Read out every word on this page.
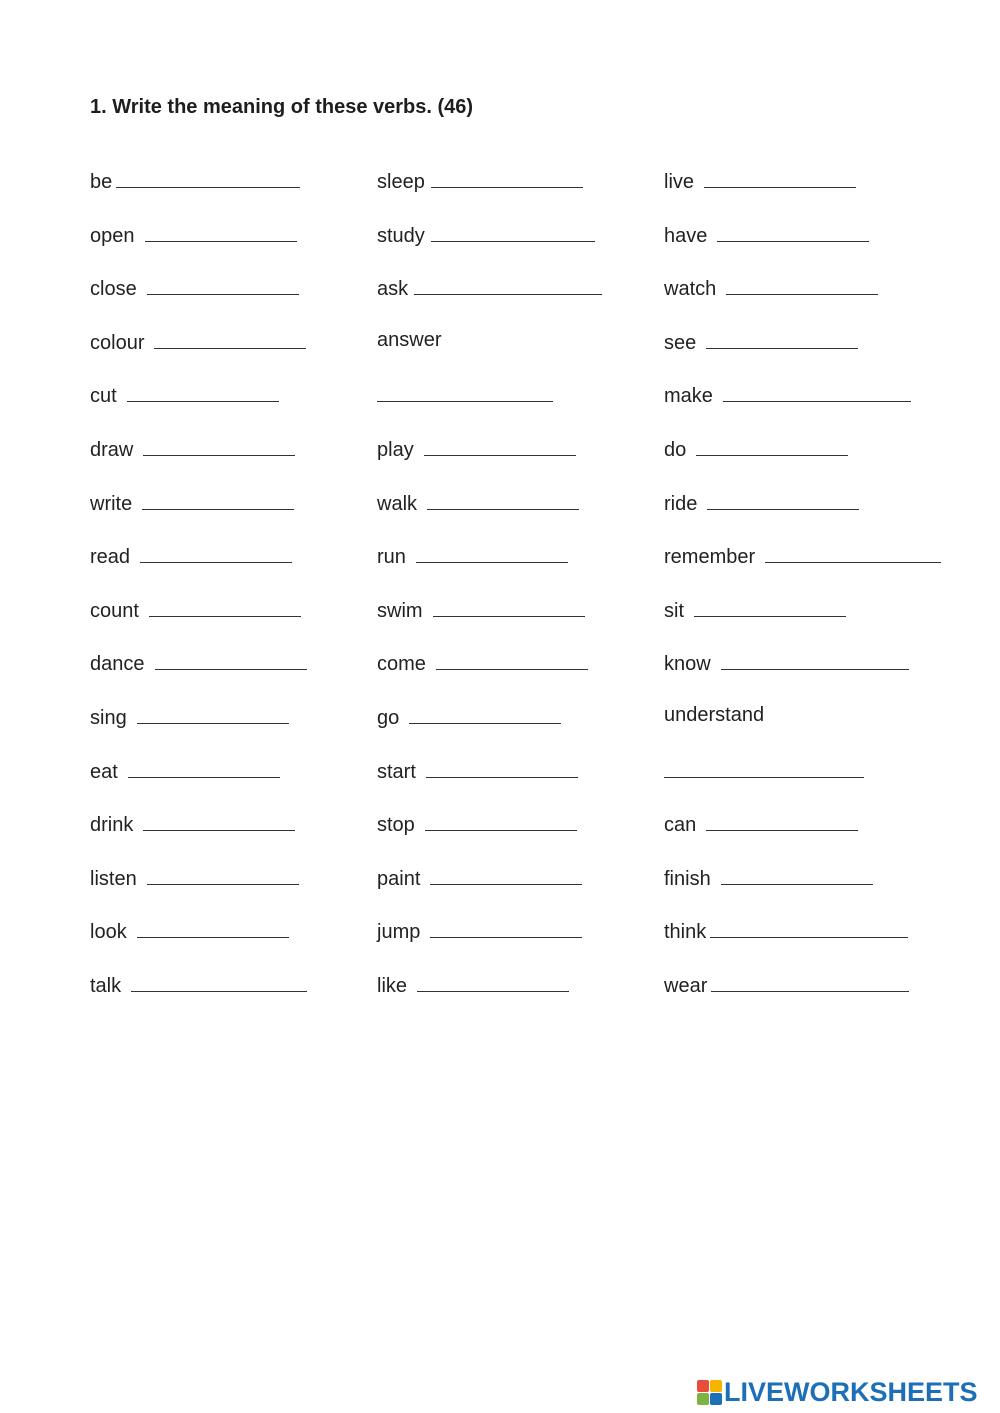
1. Write the meaning of these verbs. (46)
be
open
close
colour
cut
draw
write
read
count
dance
sing
eat
drink
listen
look
talk
sleep
study
ask
answer
play
walk
run
swim
come
go
start
stop
paint
jump
like
live
have
watch
see
make
do
ride
remember
sit
know
understand
can
finish
think
wear
LIVEWORKSHEETS
